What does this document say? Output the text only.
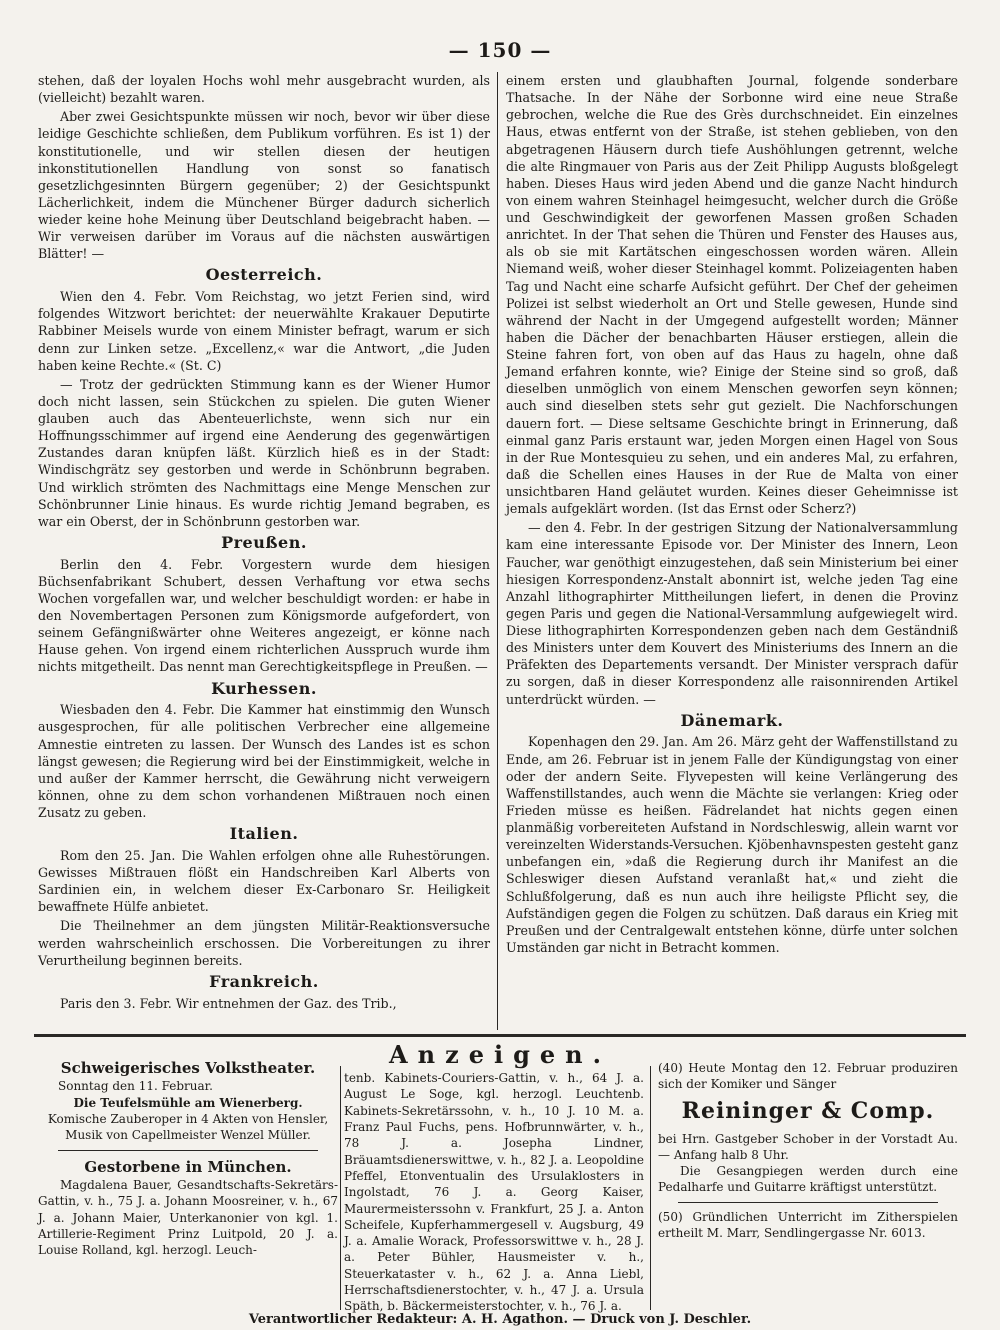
— 150 —
stehen, daß der loyalen Hochs wohl mehr ausgebracht wurden, als (vielleicht) bezahlt waren.
Aber zwei Gesichtspunkte müssen wir noch, bevor wir über diese leidige Geschichte schließen, dem Publikum vorführen. Es ist 1) der konstitutionelle, und wir stellen diesen der heutigen inkonstitutionellen Handlung von sonst so fanatisch gesetzlichgesinnten Bürgern gegenüber; 2) der Gesichtspunkt Lächerlichkeit, indem die Münchener Bürger dadurch sicherlich wieder keine hohe Meinung über Deutschland beigebracht haben. — Wir verweisen darüber im Voraus auf die nächsten auswärtigen Blätter! —
Oesterreich.
Wien den 4. Febr. Vom Reichstag, wo jetzt Ferien sind, wird folgendes Witzwort berichtet: der neuerwählte Krakauer Deputirte Rabbiner Meisels wurde von einem Minister befragt, warum er sich denn zur Linken setze. „Excellenz,« war die Antwort, „die Juden haben keine Rechte.« (St. C)
— Trotz der gedrückten Stimmung kann es der Wiener Humor doch nicht lassen, sein Stückchen zu spielen. Die guten Wiener glauben auch das Abenteuerlichste, wenn sich nur ein Hoffnungsschimmer auf irgend eine Aenderung des gegenwärtigen Zustandes daran knüpfen läßt. Kürzlich hieß es in der Stadt: Windischgrätz sey gestorben und werde in Schönbrunn begraben. Und wirklich strömten des Nachmittags eine Menge Menschen zur Schönbrunner Linie hinaus. Es wurde richtig Jemand begraben, es war ein Oberst, der in Schönbrunn gestorben war.
Preußen.
Berlin den 4. Febr. Vorgestern wurde dem hiesigen Büchsenfabrikant Schubert, dessen Verhaftung vor etwa sechs Wochen vorgefallen war, und welcher beschuldigt worden: er habe in den Novembertagen Personen zum Königsmorde aufgefordert, von seinem Gefängnißwärter ohne Weiteres angezeigt, er könne nach Hause gehen. Von irgend einem richterlichen Ausspruch wurde ihm nichts mitgetheilt. Das nennt man Gerechtigkeitspflege in Preußen. —
Kurhessen.
Wiesbaden den 4. Febr. Die Kammer hat einstimmig den Wunsch ausgesprochen, für alle politischen Verbrecher eine allgemeine Amnestie eintreten zu lassen. Der Wunsch des Landes ist es schon längst gewesen; die Regierung wird bei der Einstimmigkeit, welche in und außer der Kammer herrscht, die Gewährung nicht verweigern können, ohne zu dem schon vorhandenen Mißtrauen noch einen Zusatz zu geben.
Italien.
Rom den 25. Jan. Die Wahlen erfolgen ohne alle Ruhestörungen. Gewisses Mißtrauen flößt ein Handschreiben Karl Alberts von Sardinien ein, in welchem dieser Ex-Carbonaro Sr. Heiligkeit bewaffnete Hülfe anbietet.
Die Theilnehmer an dem jüngsten Militär-Reaktionsversuche werden wahrscheinlich erschossen. Die Vorbereitungen zu ihrer Verurtheilung beginnen bereits.
Frankreich.
Paris den 3. Febr. Wir entnehmen der Gaz. des Trib.,
einem ersten und glaubhaften Journal, folgende sonderbare Thatsache. In der Nähe der Sorbonne wird eine neue Straße gebrochen, welche die Rue des Grès durchschneidet. Ein einzelnes Haus, etwas entfernt von der Straße, ist stehen geblieben, von den abgetragenen Häusern durch tiefe Aushöhlungen getrennt, welche die alte Ringmauer von Paris aus der Zeit Philipp Augusts bloßgelegt haben. Dieses Haus wird jeden Abend und die ganze Nacht hindurch von einem wahren Steinhagel heimgesucht, welcher durch die Größe und Geschwindigkeit der geworfenen Massen großen Schaden anrichtet. In der That sehen die Thüren und Fenster des Hauses aus, als ob sie mit Kartätschen eingeschossen worden wären. Allein Niemand weiß, woher dieser Steinhagel kommt. Polizeiagenten haben Tag und Nacht eine scharfe Aufsicht geführt. Der Chef der geheimen Polizei ist selbst wiederholt an Ort und Stelle gewesen, Hunde sind während der Nacht in der Umgegend aufgestellt worden; Männer haben die Dächer der benachbarten Häuser erstiegen, allein die Steine fahren fort, von oben auf das Haus zu hageln, ohne daß Jemand erfahren konnte, wie? Einige der Steine sind so groß, daß dieselben unmöglich von einem Menschen geworfen seyn können; auch sind dieselben stets sehr gut gezielt. Die Nachforschungen dauern fort. — Diese seltsame Geschichte bringt in Erinnerung, daß einmal ganz Paris erstaunt war, jeden Morgen einen Hagel von Sous in der Rue Montesquieu zu sehen, und ein anderes Mal, zu erfahren, daß die Schellen eines Hauses in der Rue de Malta von einer unsichtbaren Hand geläutet wurden. Keines dieser Geheimnisse ist jemals aufgeklärt worden. (Ist das Ernst oder Scherz?)
— den 4. Febr. In der gestrigen Sitzung der Nationalversammlung kam eine interessante Episode vor. Der Minister des Innern, Leon Faucher, war genöthigt einzugestehen, daß sein Ministerium bei einer hiesigen Korrespondenz-Anstalt abonnirt ist, welche jeden Tag eine Anzahl lithographirter Mittheilungen liefert, in denen die Provinz gegen Paris und gegen die National-Versammlung aufgewiegelt wird. Diese lithographirten Korrespondenzen geben nach dem Geständniß des Ministers unter dem Kouvert des Ministeriums des Innern an die Präfekten des Departements versandt. Der Minister versprach dafür zu sorgen, daß in dieser Korrespondenz alle raisonnirenden Artikel unterdrückt würden. —
Dänemark.
Kopenhagen den 29. Jan. Am 26. März geht der Waffenstillstand zu Ende, am 26. Februar ist in jenem Falle der Kündigungstag von einer oder der andern Seite. Flyvepesten will keine Verlängerung des Waffenstillstandes, auch wenn die Mächte sie verlangen: Krieg oder Frieden müsse es heißen. Fädrelandet hat nichts gegen einen planmäßig vorbereiteten Aufstand in Nordschleswig, allein warnt vor vereinzelten Widerstands-Versuchen. Kjöbenhavnspesten gesteht ganz unbefangen ein, »daß die Regierung durch ihr Manifest an die Schleswiger diesen Aufstand veranlaßt hat,« und zieht die Schlußfolgerung, daß es nun auch ihre heiligste Pflicht sey, die Aufständigen gegen die Folgen zu schützen. Daß daraus ein Krieg mit Preußen und der Centralgewalt entstehen könne, dürfe unter solchen Umständen gar nicht in Betracht kommen.
Anzeigen.
Schweigerisches Volkstheater.
Sonntag den 11. Februar.
Die Teufelsmühle am Wienerberg.
Komische Zauberoper in 4 Akten von Hensler, Musik von Capellmeister Wenzel Müller.
Gestorbene in München.
Magdalena Bauer, Gesandtschafts-Sekretärs-Gattin, v. h., 75 J. a. Johann Moosreiner, v. h., 67 J. a. Johann Maier, Unterkanonier von kgl. 1. Artillerie-Regiment Prinz Luitpold, 20 J. a. Louise Rolland, kgl. herzogl. Leuch-
tenb. Kabinets-Couriers-Gattin, v. h., 64 J. a. August Le Soge, kgl. herzogl. Leuchtenb. Kabinets-Sekretärssohn, v. h., 10 J. 10 M. a. Franz Paul Fuchs, pens. Hofbrunnwärter, v. h., 78 J. a. Josepha Lindner, Bräuamtsdienerswittwe, v. h., 82 J. a. Leopoldine Pfeffel, Etonventualin des Ursulaklosters in Ingolstadt, 76 J. a. Georg Kaiser, Maurermeisterssohn v. Frankfurt, 25 J. a. Anton Scheifele, Kupferhammergesell v. Augsburg, 49 J. a. Amalie Worack, Professorswittwe v. h., 28 J. a. Peter Bühler, Hausmeister v. h., Steuerkataster v. h., 62 J. a. Anna Liebl, Herrschaftsdienerstochter, v. h., 47 J. a. Ursula Späth, b. Bäckermeisterstochter, v. h., 76 J. a.
(40) Heute Montag den 12. Februar produziren sich der Komiker und Sänger
Reininger & Comp.
bei Hrn. Gastgeber Schober in der Vorstadt Au. — Anfang halb 8 Uhr.
Die Gesangpiegen werden durch eine Pedalharfe und Guitarre kräftigst unterstützt.
(50) Gründlichen Unterricht im Zitherspielen ertheilt M. Marr, Sendlingergasse Nr. 6013.
Verantwortlicher Redakteur: A. H. Agathon. — Druck von J. Deschler.
